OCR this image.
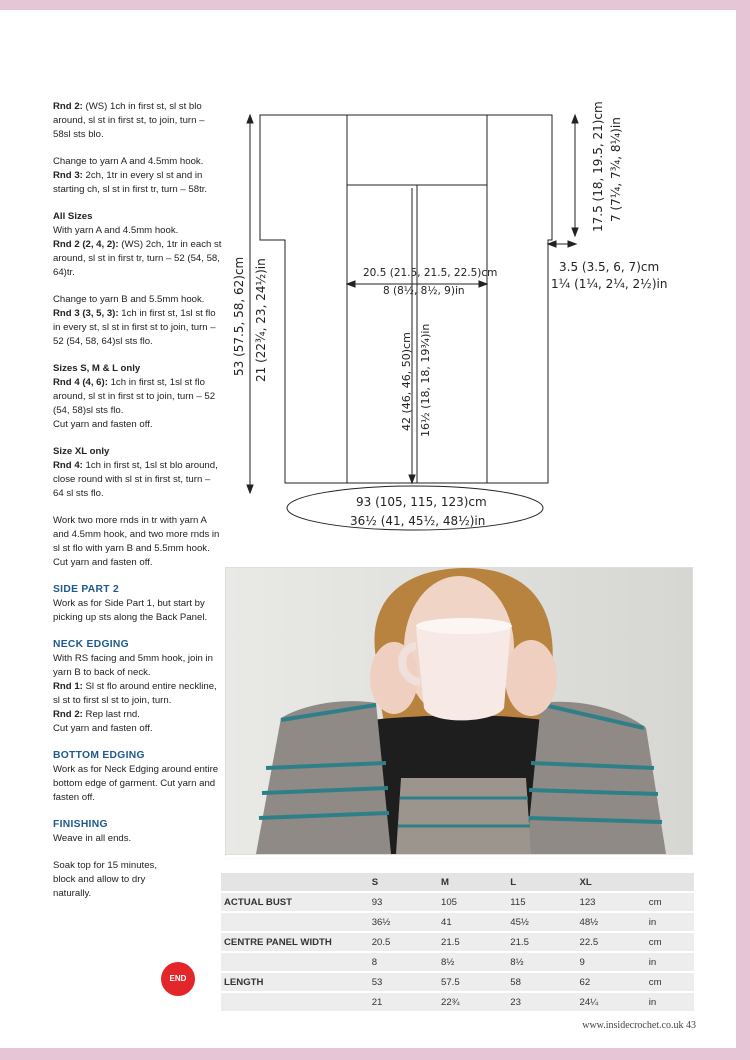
Rnd 2: (WS) 1ch in first st, sl st blo around, sl st in first st, to join, turn – 58sl sts blo.

Change to yarn A and 4.5mm hook.
Rnd 3: 2ch, 1tr in every sl st and in starting ch, sl st in first tr, turn – 58tr.

All Sizes
With yarn A and 4.5mm hook.
Rnd 2 (2, 4, 2): (WS) 2ch, 1tr in each st around, sl st in first tr, turn – 52 (54, 58, 64)tr.

Change to yarn B and 5.5mm hook.
Rnd 3 (3, 5, 3): 1ch in first st, 1sl st flo in every st, sl st in first st to join, turn – 52 (54, 58, 64)sl sts flo.

Sizes S, M & L only
Rnd 4 (4, 6): 1ch in first st, 1sl st flo around, sl st in first st to join, turn – 52 (54, 58)sl sts flo.
Cut yarn and fasten off.

Size XL only
Rnd 4: 1ch in first st, 1sl st blo around, close round with sl st in first st, turn – 64 sl sts flo.

Work two more rnds in tr with yarn A and 4.5mm hook, and two more rnds in sl st flo with yarn B and 5.5mm hook.
Cut yarn and fasten off.

SIDE PART 2

Work as for Side Part 1, but start by picking up sts along the Back Panel.

NECK EDGING

With RS facing and 5mm hook, join in yarn B to back of neck.
Rnd 1: Sl st flo around entire neckline, sl st to first sl st to join, turn.
Rnd 2: Rep last rnd.
Cut yarn and fasten off.

BOTTOM EDGING

Work as for Neck Edging around entire bottom edge of garment. Cut yarn and fasten off.

FINISHING

Weave in all ends.

Soak top for 15 minutes, block and allow to dry naturally.

END
17.5 (18, 19.5, 21)cm 7 (7¼, 7¾, 8¼)in
3.5 (3.5, 6, 7)cm
1¼ (1¼, 2¼, 2½)in
20.5 (21.5, 21.5, 22.5)cm
8 (8½, 8½, 9)in
53 (57.5, 58, 62)cm 21 (22¾, 23, 24½)in	42 (46, 46, 50)cm 16½ (18, 18, 19¾)in
93 (105, 115, 123)cm
36½ (41, 45½, 48½)in
	S	M	L	XL	
ACTUAL BUST	93	105	115	123	cm
	36½	41	45½	48½	in
CENTRE PANEL WIDTH	20.5	21.5	21.5	22.5	cm
	8	8½	8½	9	in
LENGTH	53	57.5	58	62	cm
	21	22¾	23	24¼	in
www.insidecrochet.co.uk 43
